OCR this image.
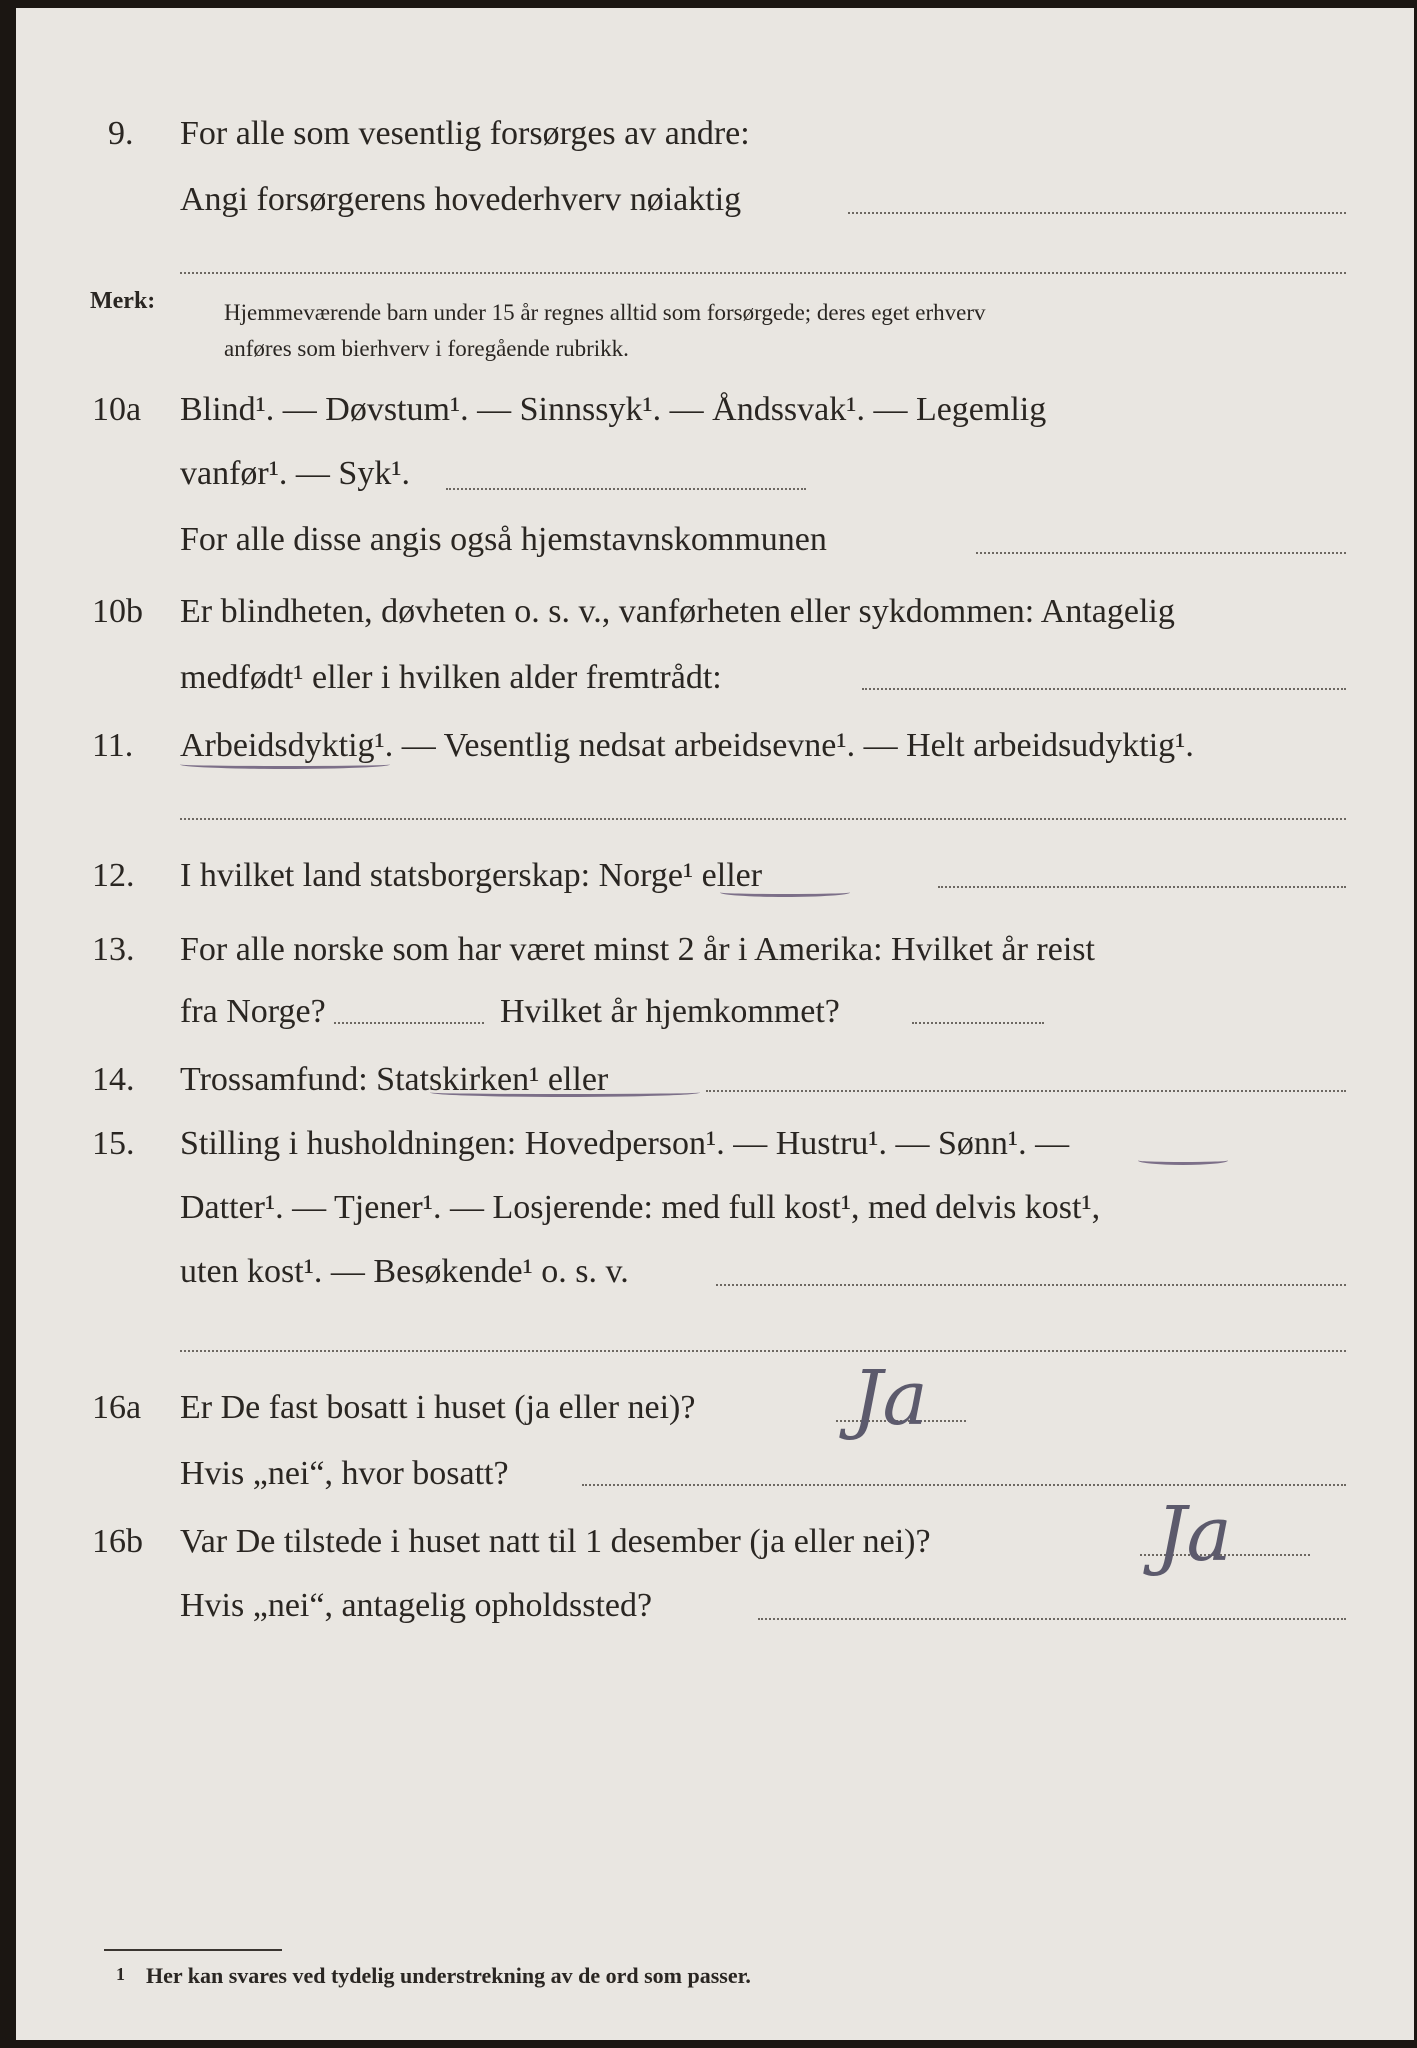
9. For alle som vesentlig forsørges av andre:
Angi forsørgerens hovederhverv nøiaktig
Merk:	Hjemmeværende barn under 15 år regnes alltid som forsørgede; deres eget erhverv
anføres som bierhverv i foregående rubrikk.
10a Blind¹. — Døvstum¹. — Sinnssyk¹. — Åndssvak¹. — Legemlig
vanfør¹. — Syk¹.
For alle disse angis også hjemstavnskommunen
10b Er blindheten, døvheten o. s. v., vanførheten eller sykdommen: Antagelig
medfødt¹ eller i hvilken alder fremtrådt:
11. Arbeidsdyktig¹. — Vesentlig nedsat arbeidsevne¹. — Helt arbeidsudyktig¹.
12. I hvilket land statsborgerskap: Norge¹ eller
13. For alle norske som har været minst 2 år i Amerika: Hvilket år reist
fra Norge?	Hvilket år hjemkommet?
14. Trossamfund: Statskirken¹ eller
15. Stilling i husholdningen: Hovedperson¹. — Hustru¹. — Sønn¹. —
Datter¹. — Tjener¹. — Losjerende: med full kost¹, med delvis kost¹,
uten kost¹. — Besøkende¹ o. s. v.
16a Er De fast bosatt i huset (ja eller nei)? Ja
Hvis „nei“, hvor bosatt?
16b Var De tilstede i huset natt til 1 desember (ja eller nei)?	Ja
Hvis „nei“, antagelig opholdssted?
1 Her kan svares ved tydelig understrekning av de ord som passer.
